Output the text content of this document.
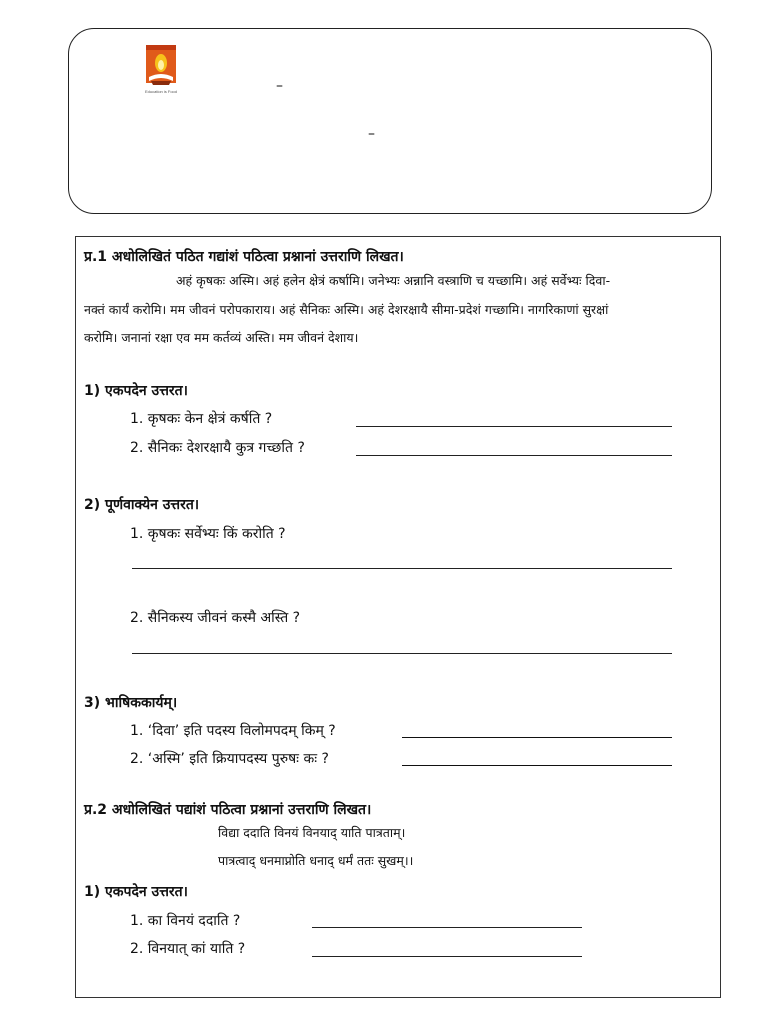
Education is Food	–
–
प्र.1 अधोलिखितं पठित गद्यांशं पठित्वा प्रश्नानां उत्तराणि लिखत।
अहं कृषकः अस्मि। अहं हलेन क्षेत्रं कर्षामि। जनेभ्यः अन्नानि वस्त्राणि च यच्छामि। अहं सर्वेभ्यः दिवा-
नक्तं कार्यं करोमि। मम जीवनं परोपकाराय। अहं सैनिकः अस्मि। अहं देशरक्षायै सीमा-प्रदेशं गच्छामि। नागरिकाणां सुरक्षां
करोमि। जनानां रक्षा एव मम कर्तव्यं अस्ति। मम जीवनं देशाय।
1) एकपदेन उत्तरत।
1. कृषकः केन क्षेत्रं कर्षति ?
2. सैनिकः देशरक्षायै कुत्र गच्छति ?
2) पूर्णवाक्येन उत्तरत।
1. कृषकः सर्वेभ्यः किं करोति ?
2. सैनिकस्य जीवनं कस्मै अस्ति ?
3) भाषिककार्यम्।
1. ‘दिवा’ इति पदस्य विलोमपदम् किम् ?
2. ‘अस्मि’ इति क्रियापदस्य पुरुषः कः ?
प्र.2 अधोलिखितं पद्यांशं पठित्वा प्रश्नानां उत्तराणि लिखत।
विद्या ददाति विनयं विनयाद् याति पात्रताम्।
पात्रत्वाद् धनमाप्नोति धनाद् धर्मं ततः सुखम्।।
1) एकपदेन उत्तरत।
1. का विनयं ददाति ?
2. विनयात् कां याति ?
